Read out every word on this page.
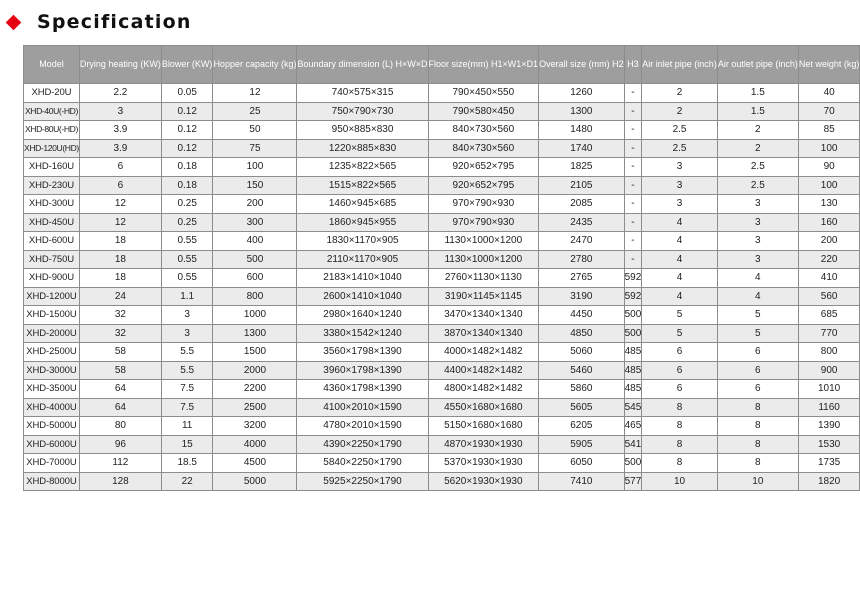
Specification
Model	Drying heating (KW)	Blower (KW)	Hopper capacity (kg)	Boundary dimension (L) H×W×D	Floor size(mm) H1×W1×D1	Overall size (mm) H2	H3	Air inlet pipe (inch)	Air outlet pipe (inch)	Net weight (kg)
XHD-20U	2.2	0.05	12	740×575×315	790×450×550	1260	-	2	1.5	40
XHD-40U(-HD)	3	0.12	25	750×790×730	790×580×450	1300	-	2	1.5	70
XHD-80U(-HD)	3.9	0.12	50	950×885×830	840×730×560	1480	-	2.5	2	85
XHD-120U(HD)	3.9	0.12	75	1220×885×830	840×730×560	1740	-	2.5	2	100
XHD-160U	6	0.18	100	1235×822×565	920×652×795	1825	-	3	2.5	90
XHD-230U	6	0.18	150	1515×822×565	920×652×795	2105	-	3	2.5	100
XHD-300U	12	0.25	200	1460×945×685	970×790×930	2085	-	3	3	130
XHD-450U	12	0.25	300	1860×945×955	970×790×930	2435	-	4	3	160
XHD-600U	18	0.55	400	1830×1170×905	1130×1000×1200	2470	-	4	3	200
XHD-750U	18	0.55	500	2110×1170×905	1130×1000×1200	2780	-	4	3	220
XHD-900U	18	0.55	600	2183×1410×1040	2760×1130×1130	2765	592	4	4	410
XHD-1200U	24	1.1	800	2600×1410×1040	3190×1145×1145	3190	592	4	4	560
XHD-1500U	32	3	1000	2980×1640×1240	3470×1340×1340	4450	500	5	5	685
XHD-2000U	32	3	1300	3380×1542×1240	3870×1340×1340	4850	500	5	5	770
XHD-2500U	58	5.5	1500	3560×1798×1390	4000×1482×1482	5060	485	6	6	800
XHD-3000U	58	5.5	2000	3960×1798×1390	4400×1482×1482	5460	485	6	6	900
XHD-3500U	64	7.5	2200	4360×1798×1390	4800×1482×1482	5860	485	6	6	1010
XHD-4000U	64	7.5	2500	4100×2010×1590	4550×1680×1680	5605	545	8	8	1160
XHD-5000U	80	11	3200	4780×2010×1590	5150×1680×1680	6205	465	8	8	1390
XHD-6000U	96	15	4000	4390×2250×1790	4870×1930×1930	5905	541	8	8	1530
XHD-7000U	112	18.5	4500	5840×2250×1790	5370×1930×1930	6050	500	8	8	1735
XHD-8000U	128	22	5000	5925×2250×1790	5620×1930×1930	7410	577	10	10	1820
